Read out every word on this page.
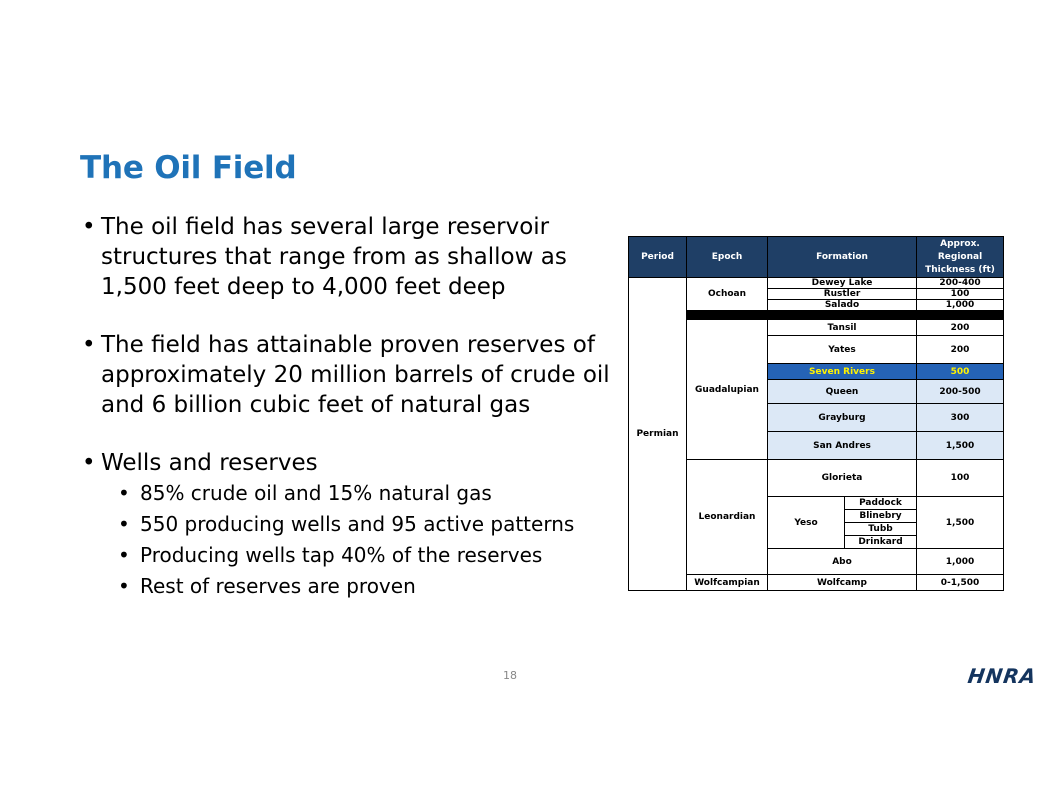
The Oil Field
• The oil field has several large reservoir structures that range from as shallow as 1,500 feet deep to 4,000 feet deep
• The field has attainable proven reserves of approximately 20 million barrels of crude oil and 6 billion cubic feet of natural gas
• Wells and reserves
• 85% crude oil and 15% natural gas
• 550 producing wells and 95 active patterns
• Producing wells tap 40% of the reserves
• Rest of reserves are proven
Period	Epoch	Formation		Approx. Regional Thickness (ft)
Permian	Ochoan	Dewey Lake		200-400
		Rustler		100
		Salado		1,000

	Guadalupian	Tansil		200
		Yates		200
		Seven Rivers		500
		Queen		200-500
		Grayburg		300
		San Andres		1,500
	Leonardian	Glorieta		100
		Yeso	Paddock	1,500
			Blinebry	
			Tubb	
			Drinkard	
		Abo		1,000
	Wolfcampian	Wolfcamp		0-1,500
18	HNRA
